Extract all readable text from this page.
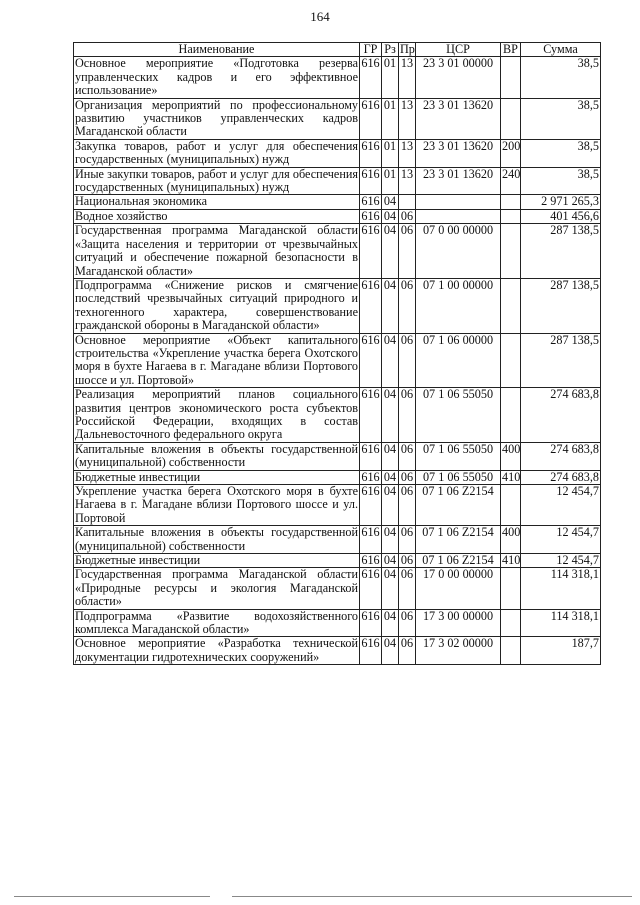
164
Наименование	ГР	Рз	Пр	ЦСР	ВР	Сумма
Основное мероприятие «Подготовка резерва управленческих кадров и его эффективное использование»	616	01	13	23 3 01 00000		38,5
Организация мероприятий по профессиональному развитию участников управленческих кадров Магаданской области	616	01	13	23 3 01 13620		38,5
Закупка товаров, работ и услуг для обеспечения государственных (муниципальных) нужд	616	01	13	23 3 01 13620	200	38,5
Иные закупки товаров, работ и услуг для обеспечения государственных (муниципальных) нужд	616	01	13	23 3 01 13620	240	38,5
Национальная экономика	616	04				2 971 265,3
Водное хозяйство	616	04	06			401 456,6
Государственная программа Магаданской области «Защита населения и территории от чрезвычайных ситуаций и обеспечение пожарной безопасности в Магаданской области»	616	04	06	07 0 00 00000		287 138,5
Подпрограмма «Снижение рисков и смягчение последствий чрезвычайных ситуаций природного и техногенного характера, совершенствование гражданской обороны в Магаданской области»	616	04	06	07 1 00 00000		287 138,5
Основное мероприятие «Объект капитального строительства «Укрепление участка берега Охотского моря в бухте Нагаева в г. Магадане вблизи Портового шоссе и ул. Портовой»	616	04	06	07 1 06 00000		287 138,5
Реализация мероприятий планов социального развития центров экономического роста субъектов Российской Федерации, входящих в состав Дальневосточного федерального округа	616	04	06	07 1 06 55050		274 683,8
Капитальные вложения в объекты государственной (муниципальной) собственности	616	04	06	07 1 06 55050	400	274 683,8
Бюджетные инвестиции	616	04	06	07 1 06 55050	410	274 683,8
Укрепление участка берега Охотского моря в бухте Нагаева в г. Магадане вблизи Портового шоссе и ул. Портовой	616	04	06	07 1 06 Z2154		12 454,7
Капитальные вложения в объекты государственной (муниципальной) собственности	616	04	06	07 1 06 Z2154	400	12 454,7
Бюджетные инвестиции	616	04	06	07 1 06 Z2154	410	12 454,7
Государственная программа Магаданской области «Природные ресурсы и экология Магаданской области»	616	04	06	17 0 00 00000		114 318,1
Подпрограмма «Развитие водохозяйственного комплекса Магаданской области»	616	04	06	17 3 00 00000		114 318,1
Основное мероприятие «Разработка технической документации гидротехнических сооружений»	616	04	06	17 3 02 00000		187,7
